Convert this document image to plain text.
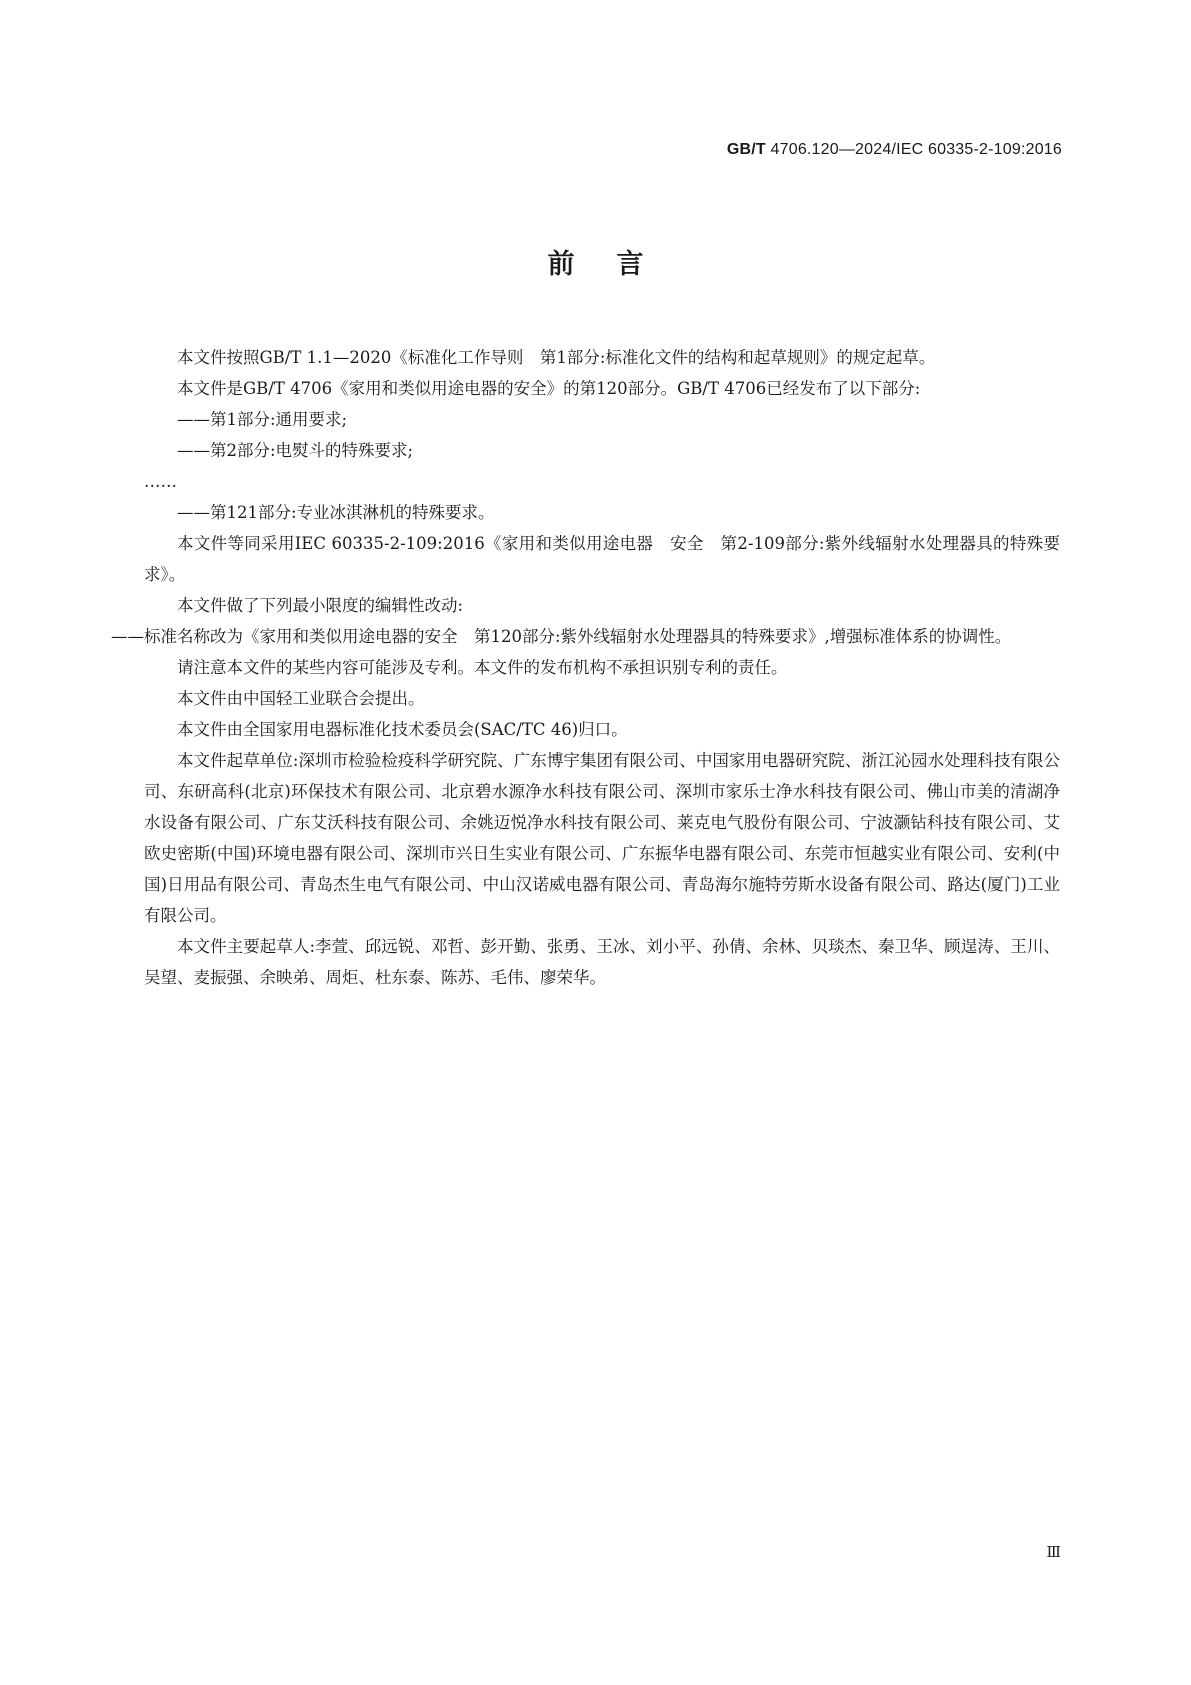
GB/T 4706.120—2024/IEC 60335-2-109:2016
前言

本文件按照GB/T 1.1—2020《标准化工作导则　第1部分:标准化文件的结构和起草规则》的规定起草。

本文件是GB/T 4706《家用和类似用途电器的安全》的第120部分。GB/T 4706已经发布了以下部分:

——第1部分:通用要求;

——第2部分:电熨斗的特殊要求;

……

——第121部分:专业冰淇淋机的特殊要求。

本文件等同采用IEC 60335-2-109:2016《家用和类似用途电器　安全　第2-109部分:紫外线辐射水处理器具的特殊要求》。

本文件做了下列最小限度的编辑性改动:

——标准名称改为《家用和类似用途电器的安全　第120部分:紫外线辐射水处理器具的特殊要求》,增强标准体系的协调性。

请注意本文件的某些内容可能涉及专利。本文件的发布机构不承担识别专利的责任。

本文件由中国轻工业联合会提出。

本文件由全国家用电器标准化技术委员会(SAC/TC 46)归口。

本文件起草单位:深圳市检验检疫科学研究院、广东博宇集团有限公司、中国家用电器研究院、浙江沁园水处理科技有限公司、东研高科(北京)环保技术有限公司、北京碧水源净水科技有限公司、深圳市家乐士净水科技有限公司、佛山市美的清湖净水设备有限公司、广东艾沃科技有限公司、余姚迈悦净水科技有限公司、莱克电气股份有限公司、宁波灏钻科技有限公司、艾欧史密斯(中国)环境电器有限公司、深圳市兴日生实业有限公司、广东振华电器有限公司、东莞市恒越实业有限公司、安利(中国)日用品有限公司、青岛杰生电气有限公司、中山汉诺威电器有限公司、青岛海尔施特劳斯水设备有限公司、路达(厦门)工业有限公司。

本文件主要起草人:李萱、邱远锐、邓哲、彭开勤、张勇、王冰、刘小平、孙倩、余林、贝琰杰、秦卫华、顾逞涛、王川、吴望、麦振强、余映弟、周炬、杜东泰、陈苏、毛伟、廖荣华。

Ⅲ
